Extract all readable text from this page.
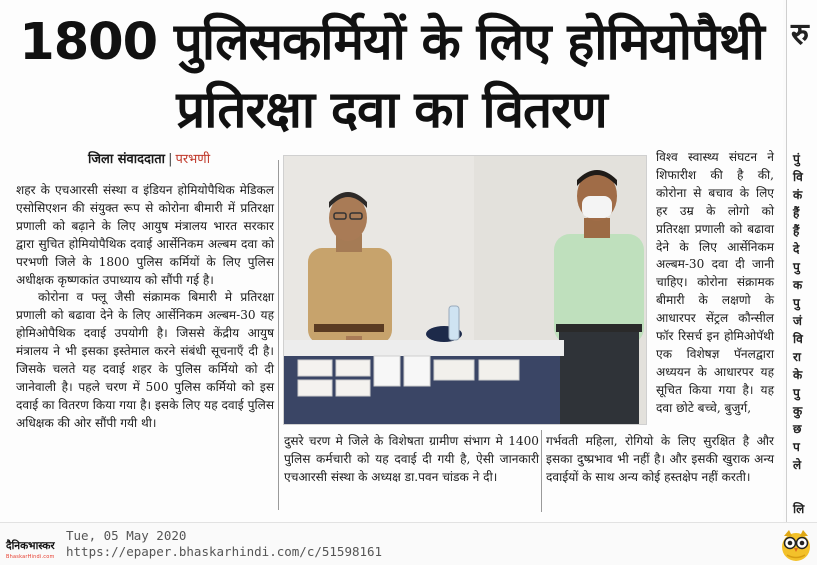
1800 पुलिसकर्मियों के लिए होमियोपैथी
प्रतिरक्षा दवा का वितरण
जिला संवाददाता | परभणी

शहर के एचआरसी संस्था व इंडियन होमियोपैथिक मेडिकल एसोसिएशन की संयुक्त रूप से कोरोना बीमारी में प्रतिरक्षा प्रणाली को बढ़ाने के लिए आयुष मंत्रालय भारत सरकार द्वारा सुचित होमियोपैथिक दवाई आर्सेनिकम अल्बम दवा को परभणी जिले के 1800 पुलिस कर्मियों के लिए पुलिस अधीक्षक कृष्णकांत उपाध्याय को सौंपी गई है।

कोरोना व फ्लू जैसी संक्रामक बिमारी मे प्रतिरक्षा प्रणाली को बढावा देने के लिए आर्सेनिकम अल्बम-30 यह होमिओपैथिक दवाई उपयोगी है। जिससे केंद्रीय आयुष मंत्रालय ने भी इसका इस्तेमाल करने संबंधी सूचनाएँ दी है। जिसके चलते यह दवाई शहर के पुलिस कर्मियो को दी जानेवाली है। पहले चरण में 500 पुलिस कर्मियो को इस दवाई का वितरण किया गया है। इसके लिए यह दवाई पुलिस अधिक्षक की ओर सौंपी गयी थी।

दुसरे चरण मे जिले के विशेषता ग्रामीण संभाग मे 1400 पुलिस कर्मचारी को यह दवाई दी गयी है, ऐसी जानकारी एचआरसी संस्था के अध्यक्ष डा.पवन चांडक ने दी।

विश्व स्वास्थ्य संघटन ने शिफारीश की है की, कोरोना से बचाव के लिए हर उम्र के लोगो को प्रतिरक्षा प्रणाली को बढावा देने के लिए आर्सेनिकम अल्बम-30 दवा दी जानी चाहिए। कोरोना संक्रामक बीमारी के लक्षणो के आधारपर सेंट्रल कौन्सील फॉर रिसर्च इन होमिओपॅथी एक विशेषज्ञ पॅनलद्वारा अध्ययन के आधारपर यह सूचित किया गया है। यह दवा छोटे बच्चे, बुजुर्ग,

गर्भवती महिला, रोगियो के लिए सुरक्षित है और इसका दुष्प्रभाव भी नहीं है। और इसकी खुराक अन्य दवाईयों के साथ अन्य कोई हस्तक्षेप नहीं करती।

रु
पुं
वि
कं
हैं
हैं
दे
पु
क
पु
जं
वि
रा
के
पु
कु
छ
प
ले
लि
दैनिकभास्कर
BhaskarHindi.com
Tue, 05 May 2020
https://epaper.bhaskarhindi.com/c/51598161
